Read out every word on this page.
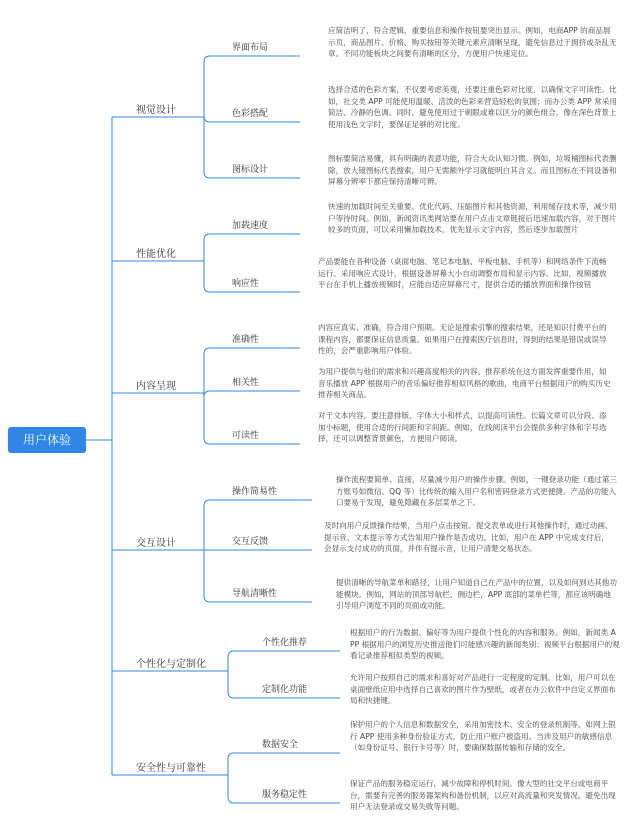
用户体验
视觉设计
界面布局
应简洁明了，符合逻辑，重要信息和操作按钮要突出显示。例如，电商APP 的商品展示页，商品图片、价格、购买按钮等关键元素应清晰呈现，避免信息过于拥挤或杂乱无章。不同功能板块之间要有清晰的区分，方便用户快速定位。
色彩搭配
选择合适的色彩方案，不仅要考虑美观，还要注重色彩对比度，以确保文字可读性。比如，社交类 APP 可能使用温暖、活泼的色彩来营造轻松的氛围；而办公类 APP 常采用简洁、冷静的色调。同时，避免使用过于刺眼或难以区分的颜色组合，像在深色背景上使用浅色文字时，要保证足够的对比度。
图标设计
图标要简洁易懂，具有明确的表意功能，符合大众认知习惯。例如，垃圾桶图标代表删除，放大镜图标代表搜索，用户无需额外学习就能明白其含义。而且图标在不同设备和屏幕分辨率下都应保持清晰可辨。
性能优化
加载速度
快速的加载时间至关重要。优化代码、压缩图片和其他资源，利用缓存技术等，减少用户等待时间。例如，新闻资讯类网站要在用户点击文章链接后迅速加载内容，对于图片较多的页面，可以采用懒加载技术，优先显示文字内容，然后逐步加载图片
响应性
产品要能在各种设备（桌面电脑、笔记本电脑、平板电脑、手机等）和网络条件下流畅运行。采用响应式设计，根据设备屏幕大小自动调整布局和显示内容。比如，视频播放平台在手机上播放视频时，应能自适应屏幕尺寸，提供合适的播放界面和操作按钮
内容呈现
准确性
内容应真实、准确，符合用户预期。无论是搜索引擎的搜索结果，还是知识付费平台的课程内容，都要保证信息质量。如果用户在搜索医疗信息时，得到的结果是错误或误导性的，会严重影响用户体验。
相关性
为用户提供与他们的需求和兴趣高度相关的内容。推荐系统在这方面发挥重要作用，如音乐播放 APP 根据用户的音乐偏好推荐相似风格的歌曲，电商平台根据用户的购买历史推荐相关商品。
可读性
对于文本内容，要注意排版、字体大小和样式，以提高可读性。长篇文章可以分段、添加小标题，使用合适的行间距和字间距。例如，在线阅读平台会提供多种字体和字号选择，还可以调整背景颜色，方便用户阅读。
交互设计
操作简易性
操作流程要简单、直接，尽量减少用户的操作步骤。例如，一键登录功能（通过第三方账号如微信、QQ 等）比传统的输入用户名和密码登录方式更便捷。产品的功能入口要易于发现，避免隐藏在多层菜单之下。
交互反馈
及时向用户反馈操作结果，当用户点击按钮、提交表单或进行其他操作时，通过动画、提示音、文本提示等方式告知用户操作是否成功。比如，用户在 APP 中完成支付后，会显示支付成功的页面，并伴有提示音，让用户清楚交易状态。
导航清晰性
提供清晰的导航菜单和路径，让用户知道自己在产品中的位置，以及如何到达其他功能模块。例如，网站的顶部导航栏、侧边栏，APP 底部的菜单栏等，都应该明确地引导用户浏览不同的页面或功能。
个性化与定制化
个性化推荐
根据用户的行为数据、偏好等为用户提供个性化的内容和服务。例如，新闻类 APP 根据用户的浏览历史推送他们可能感兴趣的新闻类别；视频平台根据用户的观看记录推荐相似类型的视频。
定制化功能
允许用户按照自己的需求和喜好对产品进行一定程度的定制。比如，用户可以在桌面壁纸应用中选择自己喜欢的图片作为壁纸，或者在办公软件中自定义界面布局和快捷键。
安全性与可靠性
数据安全
保护用户的个人信息和数据安全，采用加密技术、安全的登录机制等。如网上银行 APP 使用多种身份验证方式，防止用户账户被盗用。当涉及用户的敏感信息（如身份证号、银行卡号等）时，要确保数据传输和存储的安全。
服务稳定性
保证产品的服务稳定运行，减少故障和停机时间。像大型的社交平台或电商平台，需要有完善的服务器架构和备份机制，以应对高流量和突发情况，避免出现用户无法登录或交易失败等问题。
